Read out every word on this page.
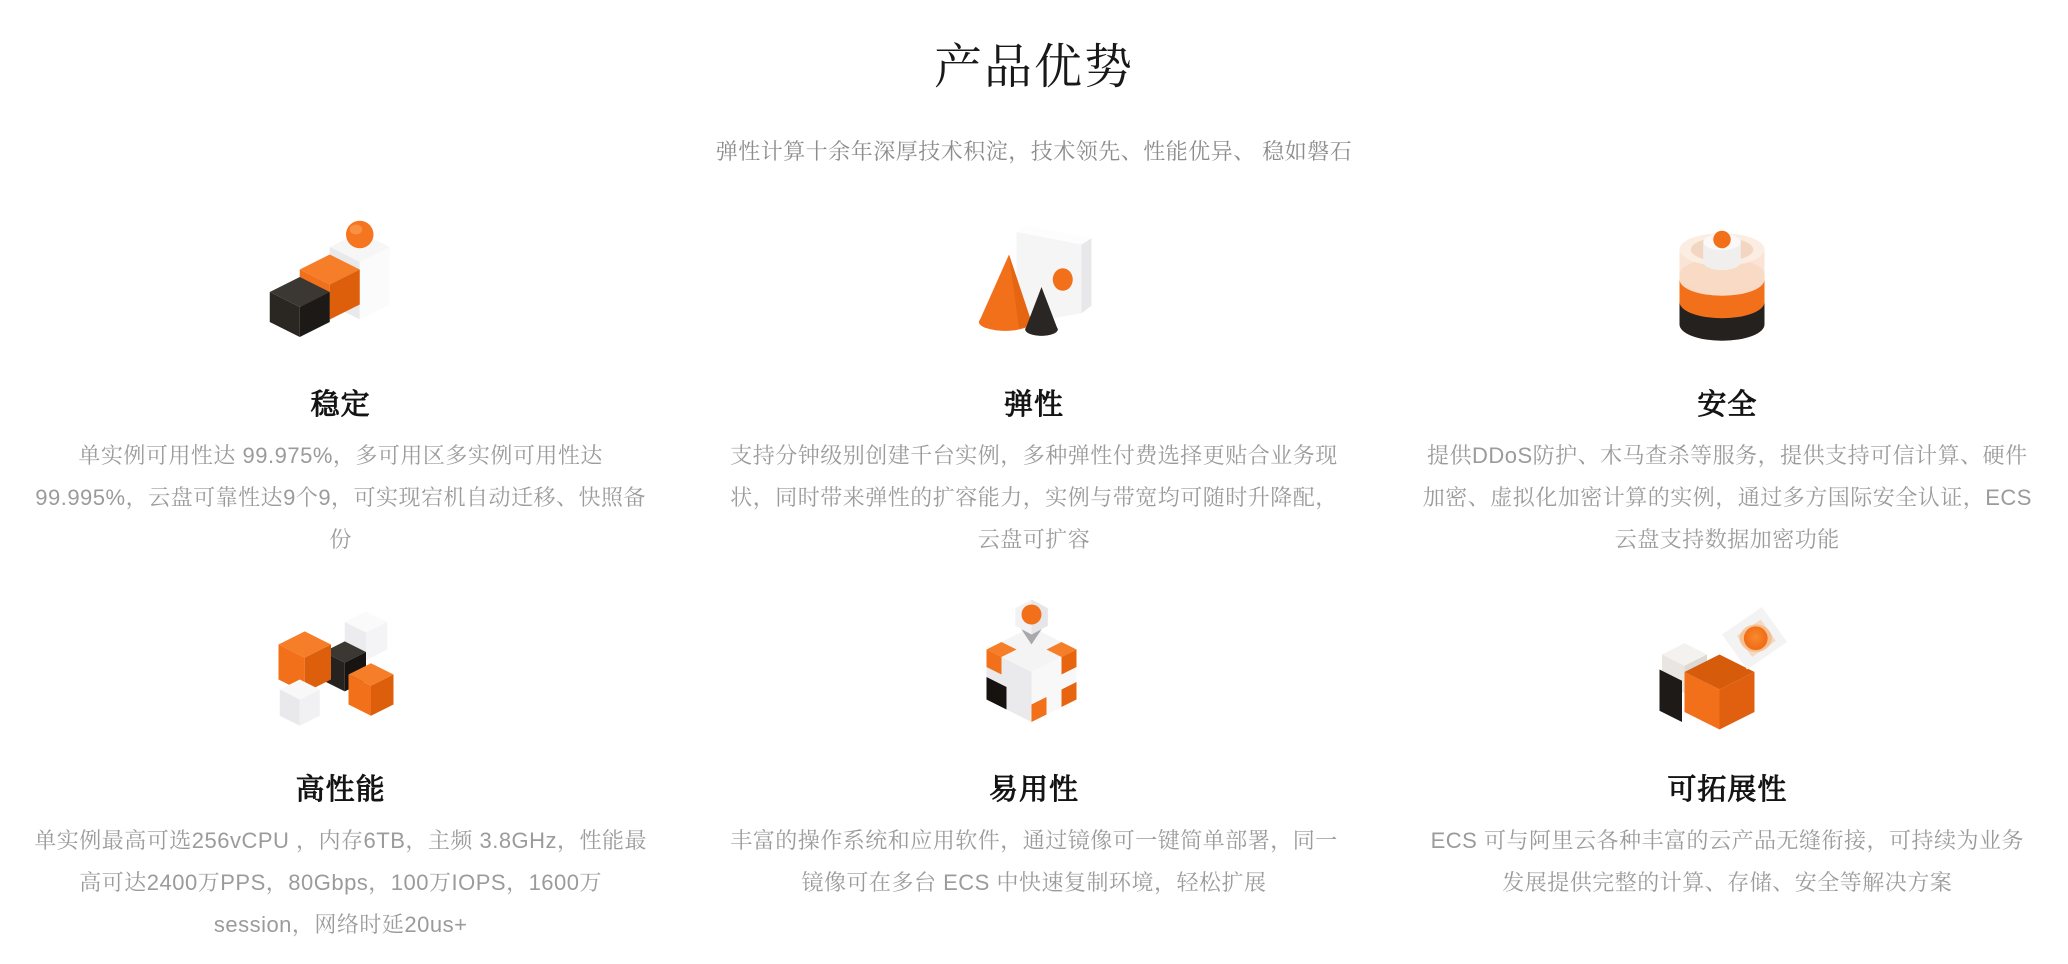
产品优势
弹性计算十余年深厚技术积淀，技术领先、性能优异、 稳如磐石
稳定
单实例可用性达 99.975%，多可用区多实例可用性达 99.995%，云盘可靠性达9个9，可实现宕机自动迁移、快照备份
弹性
支持分钟级别创建千台实例，多种弹性付费选择更贴合业务现状，同时带来弹性的扩容能力，实例与带宽均可随时升降配，云盘可扩容
安全
提供DDoS防护、木马查杀等服务，提供支持可信计算、硬件加密、虚拟化加密计算的实例，通过多方国际安全认证，ECS云盘支持数据加密功能
高性能
单实例最高可选256vCPU ，内存6TB，主频 3.8GHz，性能最高可达2400万PPS，80Gbps，100万IOPS，1600万session，网络时延20us+
易用性
丰富的操作系统和应用软件，通过镜像可一键简单部署，同一镜像可在多台 ECS 中快速复制环境，轻松扩展
可拓展性
ECS 可与阿里云各种丰富的云产品无缝衔接，可持续为业务发展提供完整的计算、存储、安全等解决方案
